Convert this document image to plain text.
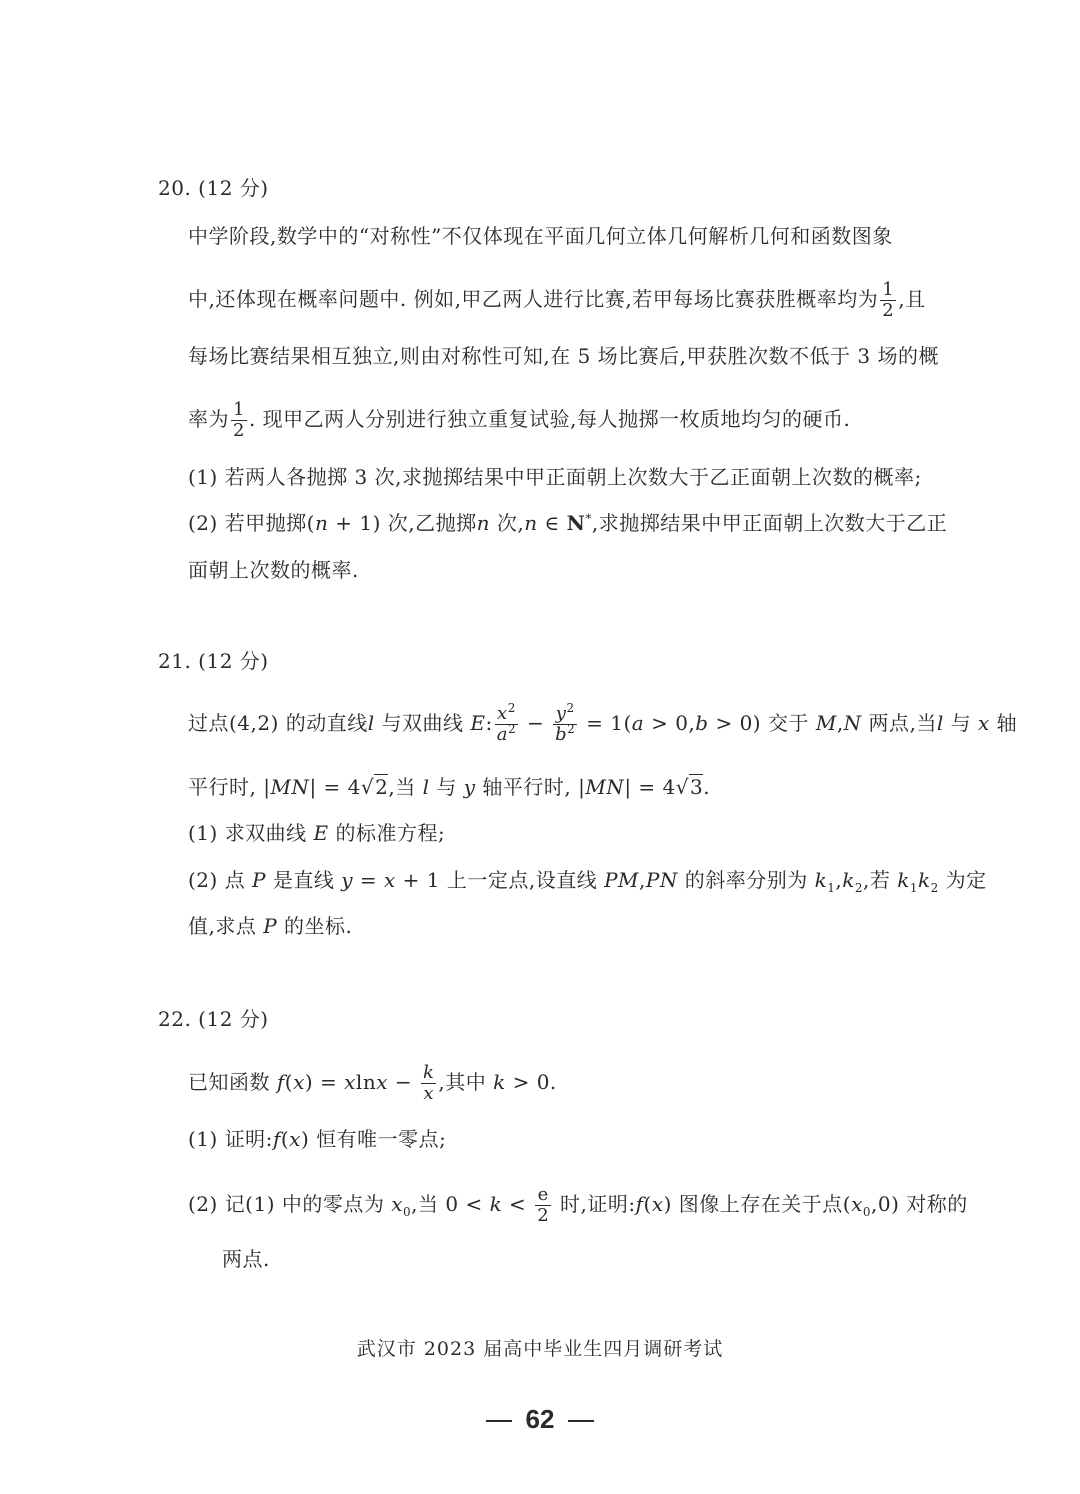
20. (12 分)
中学阶段,数学中的“对称性”不仅体现在平面几何立体几何解析几何和函数图象
中,还体现在概率问题中. 例如,甲乙两人进行比赛,若甲每场比赛获胜概率均为 $\frac{1}{2}$ ,且
每场比赛结果相互独立,则由对称性可知,在 5 场比赛后,甲获胜次数不低于 3 场的概
率为 $\frac{1}{2}$ . 现甲乙两人分别进行独立重复试验,每人抛掷一枚质地均匀的硬币.
(1) 若两人各抛掷 3 次,求抛掷结果中甲正面朝上次数大于乙正面朝上次数的概率;
(2) 若甲抛掷(n + 1) 次,乙抛掷n 次,n ∈ N*,求抛掷结果中甲正面朝上次数大于乙正
面朝上次数的概率.
21. (12 分)
过点(4,2) 的动直线l 与双曲线 E: $\frac{x^2}{a^2} - \frac{y^2}{b^2} = 1(a > 0,b > 0)$ 交于 M,N 两点,当l 与 x 轴
平行时, |MN| = 4√2,当 l 与 y 轴平行时, |MN| = 4√3.
(1) 求双曲线 E 的标准方程;
(2) 点 P 是直线 y = x + 1 上一定点,设直线 PM,PN 的斜率分别为 $k_1,k_2$,若 $k_1k_2$ 为定
值,求点 P 的坐标.
22. (12 分)
已知函数 $f(x) = xlnx - \frac{k}{x}$ ,其中 k > 0.
(1) 证明:f(x) 恒有唯一零点;
(2) 记(1) 中的零点为 $x_0$,当 $0 < k < \frac{e}{2}$ 时,证明:f(x) 图像上存在关于点$(x_0,0)$ 对称的
两点.
武汉市 2023 届高中毕业生四月调研考试
62
